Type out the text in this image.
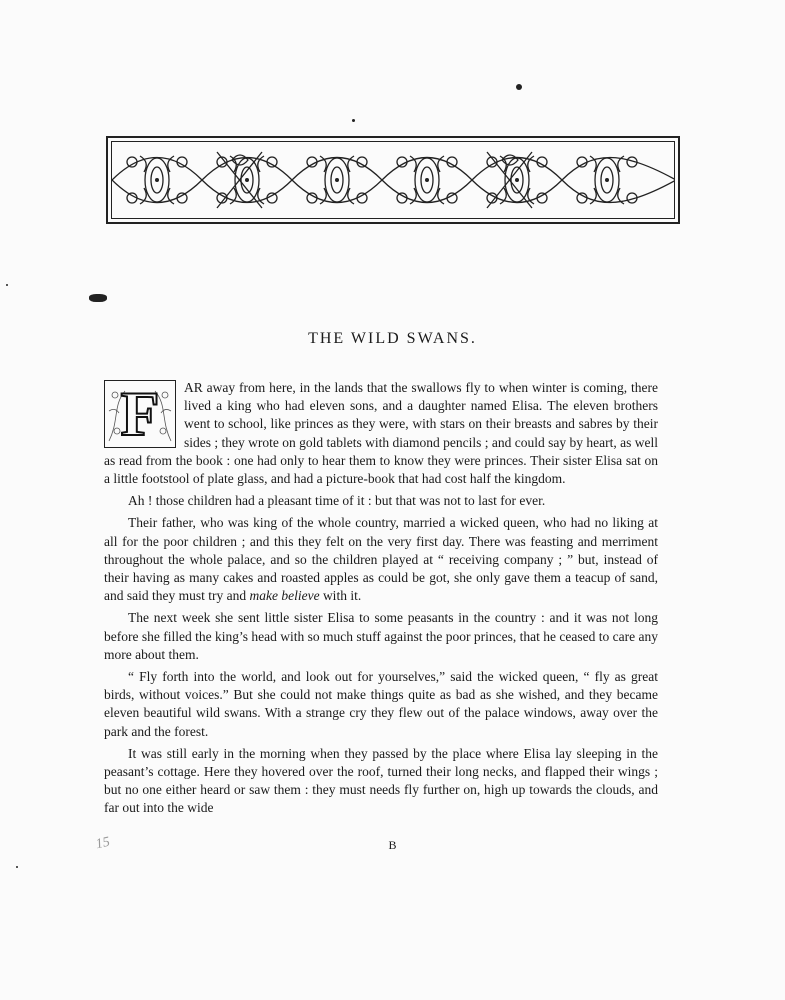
THE WILD SWANS.

F	AR away from here, in the lands that the swallows fly to when winter is coming, there lived a king who had eleven sons, and a daughter named Elisa. The eleven brothers went to school, like princes as they were, with stars on their breasts and sabres by their sides ; they wrote on gold tablets with diamond pencils ; and could say by heart, as well as read from the book : one had only to hear them to know they were princes. Their sister Elisa sat on a little footstool of plate glass, and had a picture-book that had cost half the kingdom.

Ah ! those children had a pleasant time of it : but that was not to last for ever.

Their father, who was king of the whole country, married a wicked queen, who had no liking at all for the poor children ; and this they felt on the very first day. There was feasting and merriment throughout the whole palace, and so the children played at “ receiving company ; ” but, instead of their having as many cakes and roasted apples as could be got, she only gave them a teacup of sand, and said they must try and make believe with it.

The next week she sent little sister Elisa to some peasants in the country : and it was not long before she filled the king’s head with so much stuff against the poor princes, that he ceased to care any more about them.

“ Fly forth into the world, and look out for yourselves,” said the wicked queen, “ fly as great birds, without voices.” But she could not make things quite as bad as she wished, and they became eleven beautiful wild swans. With a strange cry they flew out of the palace windows, away over the park and the forest.

It was still early in the morning when they passed by the place where Elisa lay sleeping in the peasant’s cottage. Here they hovered over the roof, turned their long necks, and flapped their wings ; but no one either heard or saw them : they must needs fly further on, high up towards the clouds, and far out into the wide

15	B
